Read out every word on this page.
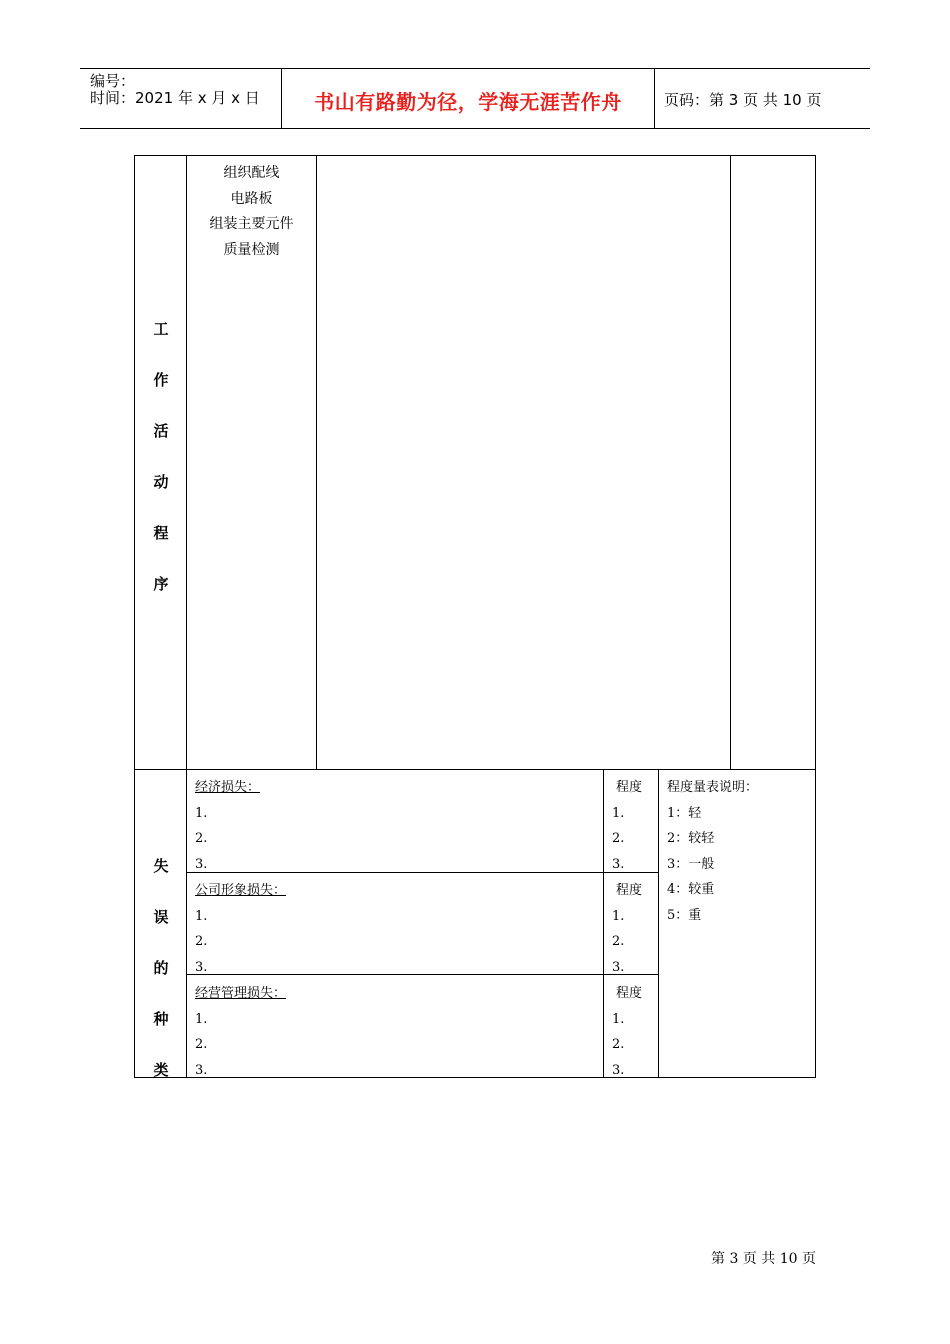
编号：
时间：2021 年 x 月 x 日	书山有路勤为径，学海无涯苦作舟	页码：第 3 页 共 10 页
工
作
活
动
程
序
组织配线
电路板
组装主要元件
质量检测
失
误
的
种
类
经济损失：
1.
2.
3.
程度
1.
2.
3.
公司形象损失：
1.
2.
3.
程度
1.
2.
3.
经营管理损失：
1.
2.
3.
程度
1.
2.
3.
程度量表说明：
1：轻
2：较轻
3：一般
4：较重
5：重
第 3 页 共 10 页
